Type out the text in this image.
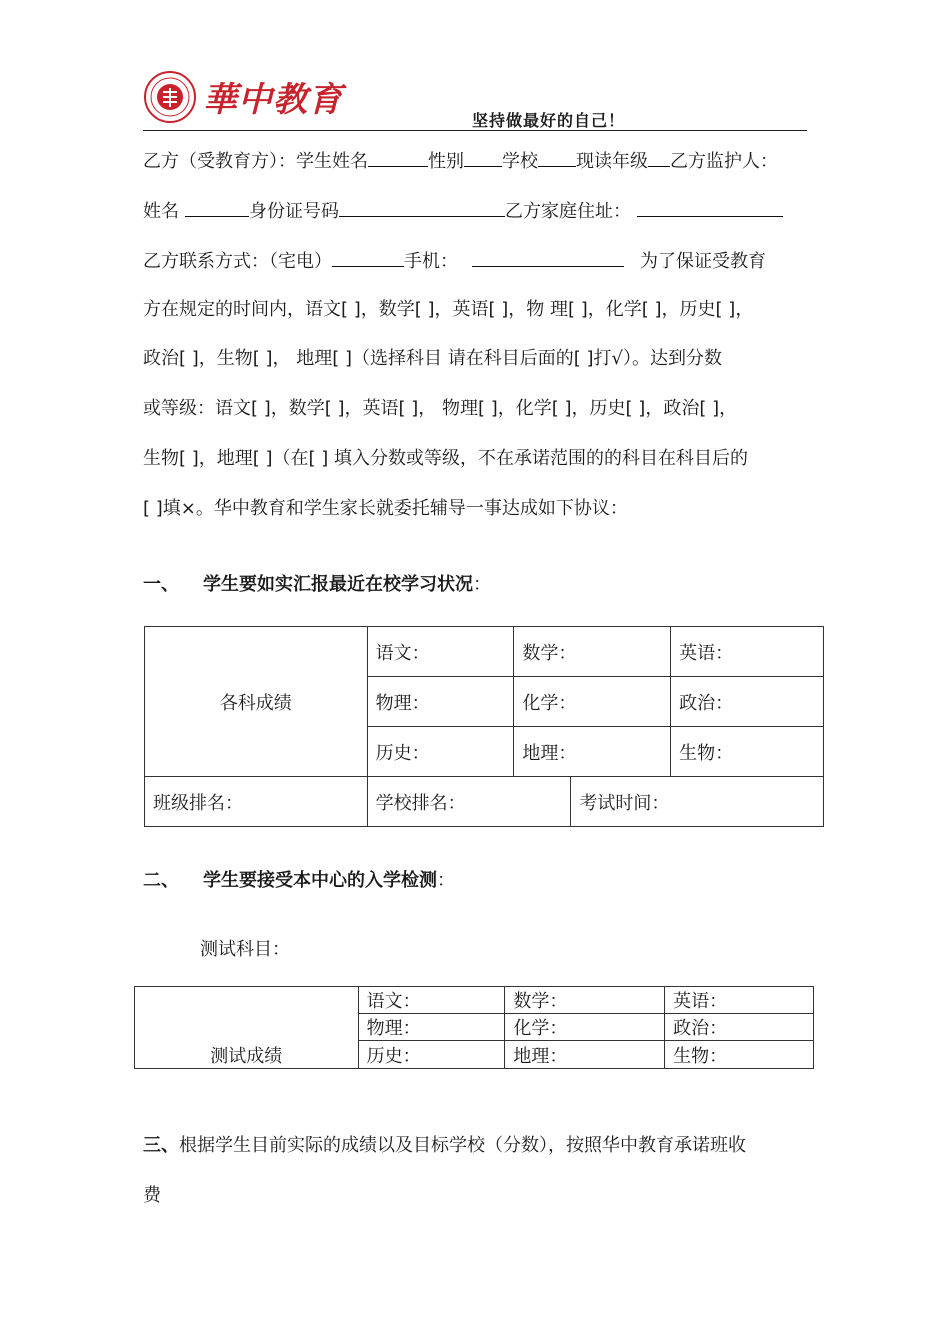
華中教育
坚持做最好的自己！
乙方（受教育方）：学生姓名	性别 学校 现读年级 乙方监护人：
姓名	身份证号码	乙方家庭住址：
乙方联系方式：（宅电）	手机：	为了保证受教育
方在规定的时间内，语文[ ]，数学[ ]，英语[ ]，物 理[ ]，化学[ ]，历史[ ]，
政治[ ]，生物[ ]， 地理[ ]（选择科目 请在科目后面的[ ]打√）。达到分数
或等级：语文[ ]，数学[ ]，英语[ ]， 物理[ ]，化学[ ]，历史[ ]，政治[ ]，
生物[ ]，地理[ ]（在[ ] 填入分数或等级，不在承诺范围的的科目在科目后的
[ ]填×。华中教育和学生家长就委托辅导一事达成如下协议：
一、 学生要如实汇报最近在校学习状况：
各科成绩	语文：	数学：		英语：
	物理：	化学：		政治：
	历史：	地理：		生物：
班级排名：	学校排名：		考试时间：	
二、 学生要接受本中心的入学检测：
测试科目：
测试成绩	语文：	数学：	英语：
	物理：	化学：	政治：
	历史：	地理：	生物：
三、根据学生目前实际的成绩以及目标学校（分数），按照华中教育承诺班收
费
